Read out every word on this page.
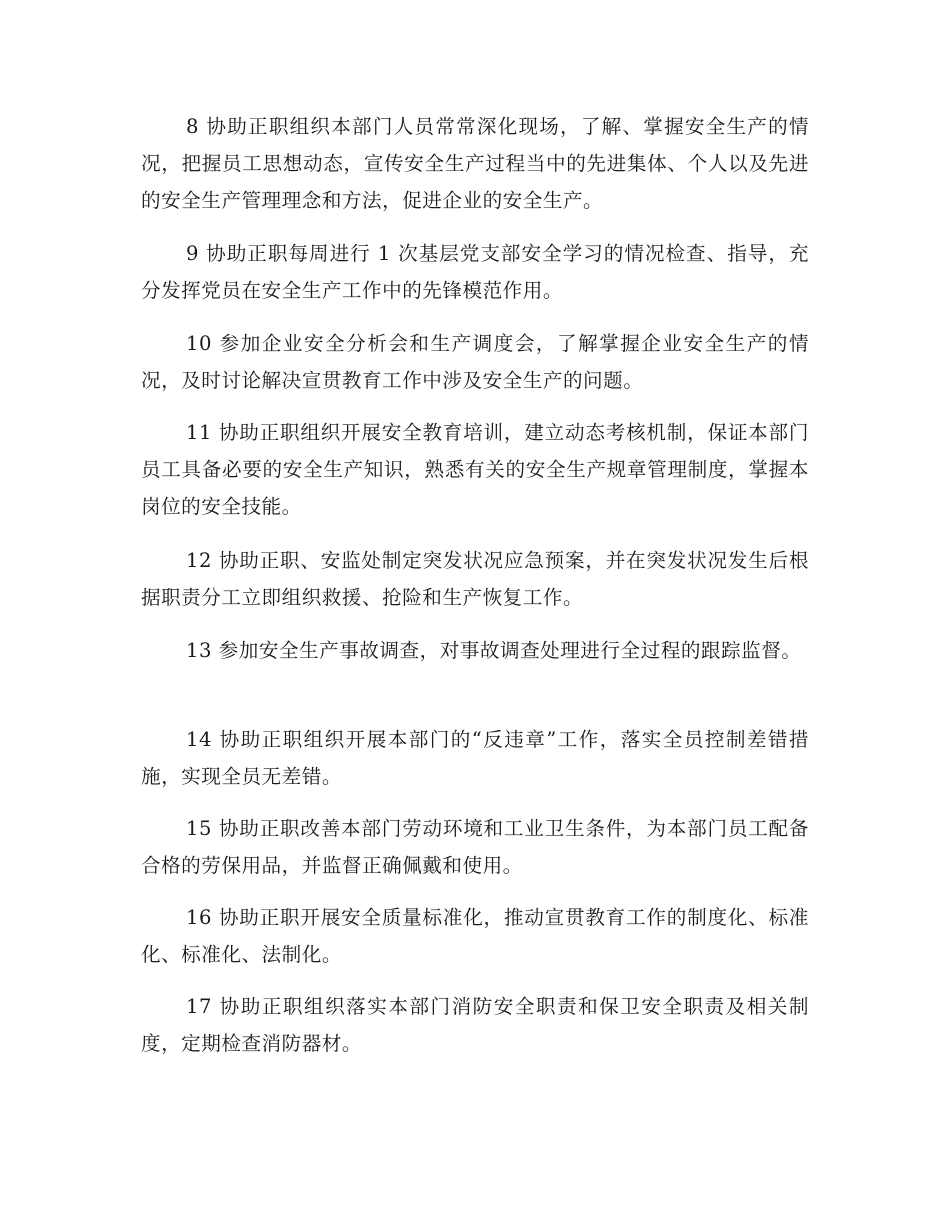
8 协助正职组织本部门人员常常深化现场，了解、掌握安全生产的情况，把握员工思想动态，宣传安全生产过程当中的先进集体、个人以及先进的安全生产管理理念和方法，促进企业的安全生产。

9 协助正职每周进行 1 次基层党支部安全学习的情况检查、指导，充分发挥党员在安全生产工作中的先锋模范作用。

10 参加企业安全分析会和生产调度会，了解掌握企业安全生产的情况，及时讨论解决宣贯教育工作中涉及安全生产的问题。

11 协助正职组织开展安全教育培训，建立动态考核机制，保证本部门员工具备必要的安全生产知识，熟悉有关的安全生产规章管理制度，掌握本岗位的安全技能。

12 协助正职、安监处制定突发状况应急预案，并在突发状况发生后根据职责分工立即组织救援、抢险和生产恢复工作。

13 参加安全生产事故调查，对事故调查处理进行全过程的跟踪监督。

14 协助正职组织开展本部门的“反违章”工作，落实全员控制差错措施，实现全员无差错。

15 协助正职改善本部门劳动环境和工业卫生条件，为本部门员工配备合格的劳保用品，并监督正确佩戴和使用。

16 协助正职开展安全质量标准化，推动宣贯教育工作的制度化、标准化、标准化、法制化。

17 协助正职组织落实本部门消防安全职责和保卫安全职责及相关制度，定期检查消防器材。
